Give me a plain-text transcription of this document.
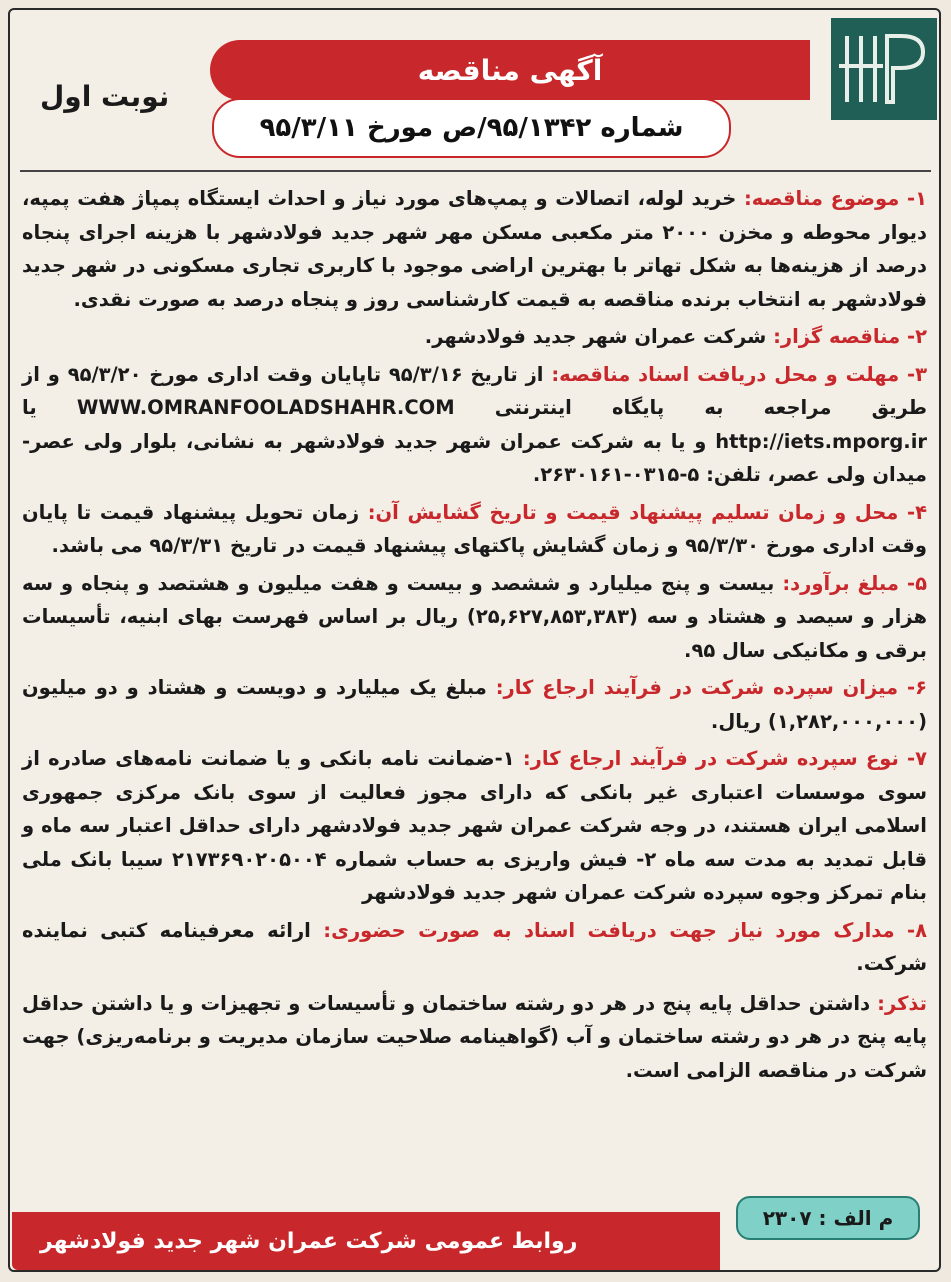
آگهی مناقصه
شماره ۹۵/۱۳۴۲/ص مورخ ۹۵/۳/۱۱
نوبت اول
۱- موضوع مناقصه: خرید لوله، اتصالات و پمپ‌های مورد نیاز و احداث ایستگاه پمپاژ هفت پمپه، دیوار محوطه و مخزن ۲۰۰۰ متر مکعبی مسکن مهر شهر جدید فولادشهر با هزینه اجرای پنجاه درصد از هزینه‌ها به شکل تهاتر با بهترین اراضی موجود با کاربری تجاری مسکونی در شهر جدید فولادشهر به انتخاب برنده مناقصه به قیمت کارشناسی روز و پنجاه درصد به صورت نقدی.
۲- مناقصه گزار: شرکت عمران شهر جدید فولادشهر.
۳- مهلت و محل دریافت اسناد مناقصه: از تاریخ ۹۵/۳/۱۶ تاپایان وقت اداری مورخ ۹۵/۳/۲۰ و از طریق مراجعه به پایگاه اینترنتی WWW.OMRANFOOLADSHAHR.COM یا http://iets.mporg.ir و یا به شرکت عمران شهر جدید فولادشهر به نشانی، بلوار ولی عصر- میدان ولی عصر، تلفن: ۵-۰۳۱۵-۲۶۳۰۱۶۱.
۴- محل و زمان تسلیم پیشنهاد قیمت و تاریخ گشایش آن: زمان تحویل پیشنهاد قیمت تا پایان وقت اداری مورخ ۹۵/۳/۳۰ و زمان گشایش پاکتهای پیشنهاد قیمت در تاریخ ۹۵/۳/۳۱ می باشد.
۵- مبلغ برآورد: بیست و پنج میلیارد و ششصد و بیست و هفت میلیون و هشتصد و پنجاه و سه هزار و سیصد و هشتاد و سه (۲۵,۶۲۷,۸۵۳,۳۸۳) ریال بر اساس فهرست بهای ابنیه، تأسیسات برقی و مکانیکی سال ۹۵.
۶- میزان سپرده شرکت در فرآیند ارجاع کار: مبلغ یک میلیارد و دویست و هشتاد و دو میلیون (۱,۲۸۲,۰۰۰,۰۰۰) ریال.
۷- نوع سپرده شرکت در فرآیند ارجاع کار: ۱-ضمانت نامه بانکی و یا ضمانت نامه‌های صادره از سوی موسسات اعتباری غیر بانکی که دارای مجوز فعالیت از سوی بانک مرکزی جمهوری اسلامی ایران هستند، در وجه شرکت عمران شهر جدید فولادشهر دارای حداقل اعتبار سه ماه و قابل تمدید به مدت سه ماه ۲- فیش واریزی به حساب شماره ۲۱۷۳۶۹۰۲۰۵۰۰۴ سیبا بانک ملی بنام تمرکز وجوه سپرده شرکت عمران شهر جدید فولادشهر
۸- مدارک مورد نیاز جهت دریافت اسناد به صورت حضوری: ارائه معرفینامه کتبی نماینده شرکت.
تذکر: داشتن حداقل پایه پنج در هر دو رشته ساختمان و تأسیسات و تجهیزات و یا داشتن حداقل پایه پنج در هر دو رشته ساختمان و آب (گواهینامه صلاحیت سازمان مدیریت و برنامه‌ریزی) جهت شرکت در مناقصه الزامی است.
روابط عمومی شرکت عمران شهر جدید فولادشهر
م الف : ۲۳۰۷
